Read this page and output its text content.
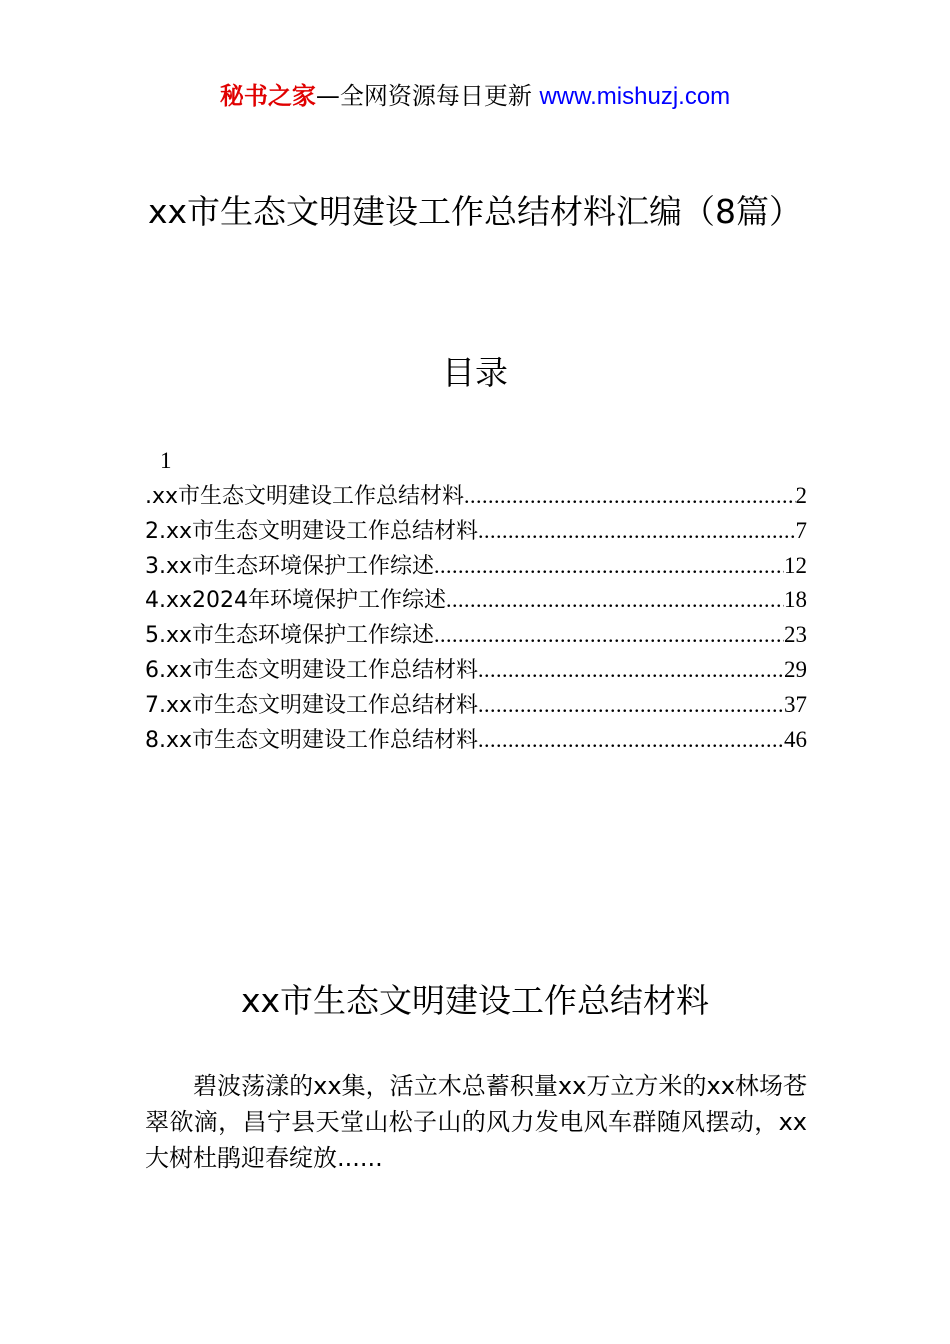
秘书之家—全网资源每日更新 www.mishuzj.com
xx市生态文明建设工作总结材料汇编（8篇）
目录
1
.xx市生态文明建设工作总结材料 .....	2
2.xx市生态文明建设工作总结材料 .....	7
3.xx市生态环境保护工作综述 .....	12
4.xx2024年环境保护工作综述 .....	18
5.xx市生态环境保护工作综述 .....	23
6.xx市生态文明建设工作总结材料 .....	29
7.xx市生态文明建设工作总结材料 .....	37
8.xx市生态文明建设工作总结材料 .....	46
xx市生态文明建设工作总结材料
碧波荡漾的xx集，活立木总蓄积量xx万立方米的xx林场苍翠欲滴，昌宁县天堂山松子山的风力发电风车群随风摆动，xx大树杜鹃迎春绽放......
